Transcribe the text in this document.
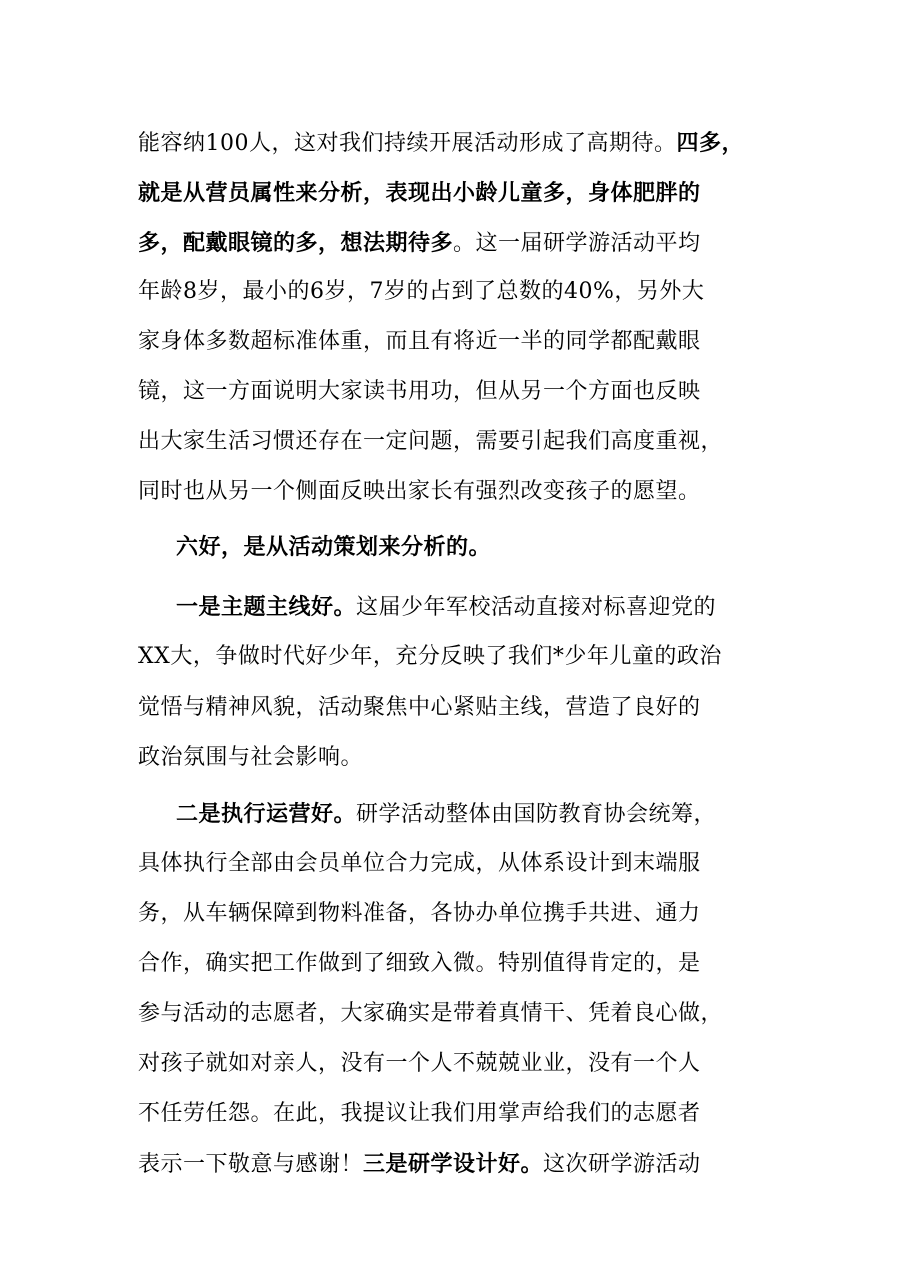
能容纳100人，这对我们持续开展活动形成了高期待。四多，
就是从营员属性来分析，表现出小龄儿童多，身体肥胖的
多，配戴眼镜的多，想法期待多。这一届研学游活动平均
年龄8岁，最小的6岁，7岁的占到了总数的40%，另外大
家身体多数超标准体重，而且有将近一半的同学都配戴眼
镜，这一方面说明大家读书用功，但从另一个方面也反映
出大家生活习惯还存在一定问题，需要引起我们高度重视，
同时也从另一个侧面反映出家长有强烈改变孩子的愿望。
六好，是从活动策划来分析的。
一是主题主线好。这届少年军校活动直接对标喜迎党的
XX大，争做时代好少年，充分反映了我们*少年儿童的政治
觉悟与精神风貌，活动聚焦中心紧贴主线，营造了良好的
政治氛围与社会影响。
二是执行运营好。研学活动整体由国防教育协会统筹，
具体执行全部由会员单位合力完成，从体系设计到末端服
务，从车辆保障到物料准备，各协办单位携手共进、通力
合作，确实把工作做到了细致入微。特别值得肯定的，是
参与活动的志愿者，大家确实是带着真情干、凭着良心做，
对孩子就如对亲人，没有一个人不兢兢业业，没有一个人
不任劳任怨。在此，我提议让我们用掌声给我们的志愿者
表示一下敬意与感谢！三是研学设计好。这次研学游活动
